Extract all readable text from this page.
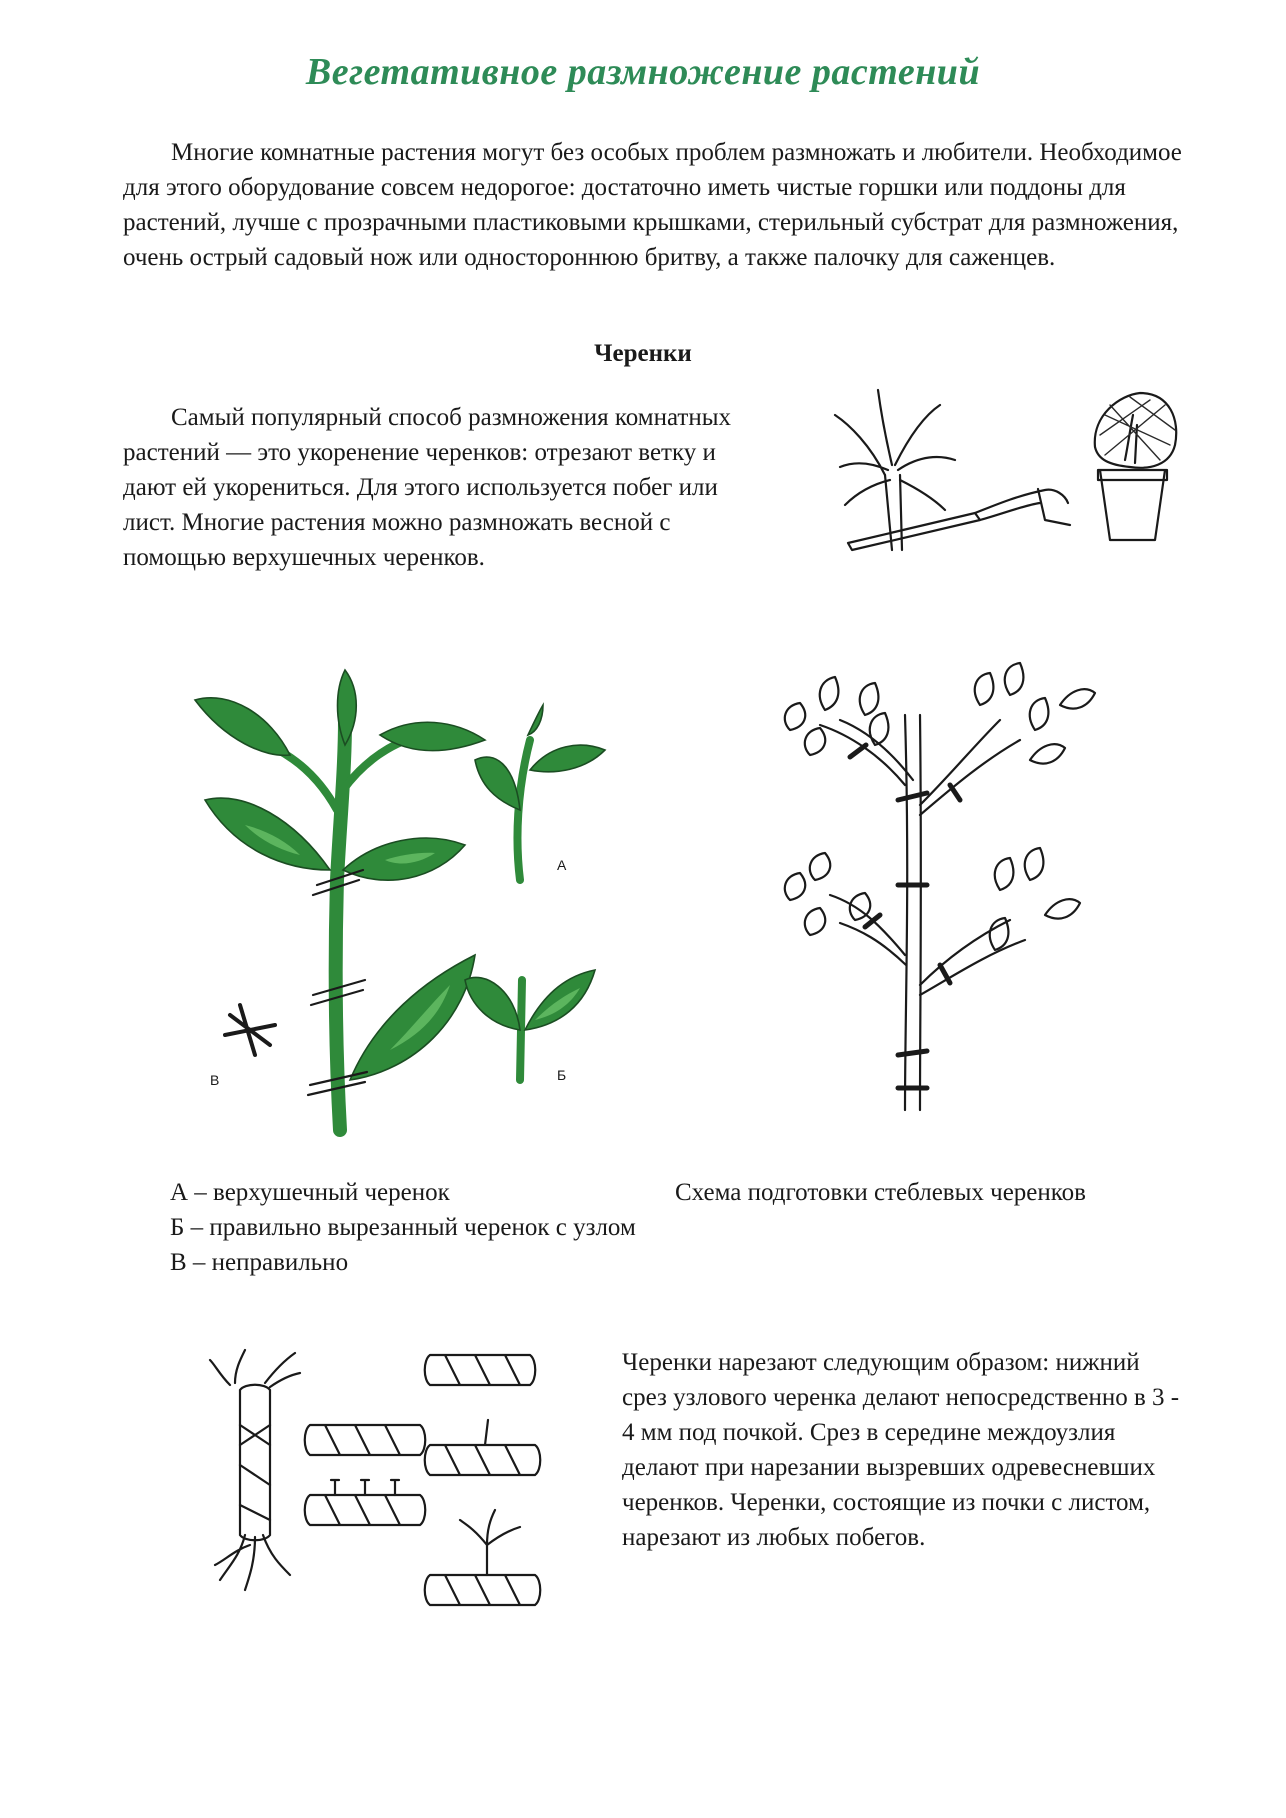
Вегетативное размножение растений
Многие комнатные растения могут без особых проблем размножать и любители. Необходимое для этого оборудование совсем недорогое: достаточно иметь чистые горшки или поддоны для растений, лучше с прозрачными пластиковыми крышками, стерильный субстрат для размножения, очень острый садовый нож или одностороннюю бритву, а также палочку для саженцев.
Черенки
Самый популярный способ размножения комнатных растений — это укоренение черенков: отрезают ветку и дают ей укорениться. Для этого используется побег или лист. Многие растения можно размножать весной с помощью верхушечных черенков.
А
Б
В
А – верхушечный черенок	Схема подготовки стеблевых черенков
Б – правильно вырезанный черенок с узлом
В – неправильно
Черенки нарезают следующим образом: нижний срез узлового черенка делают непосредственно в 3 - 4 мм под почкой. Срез в середине междоузлия делают при нарезании вызревших одревесневших черенков. Черенки, состоящие из почки с листом, нарезают из любых побегов.
